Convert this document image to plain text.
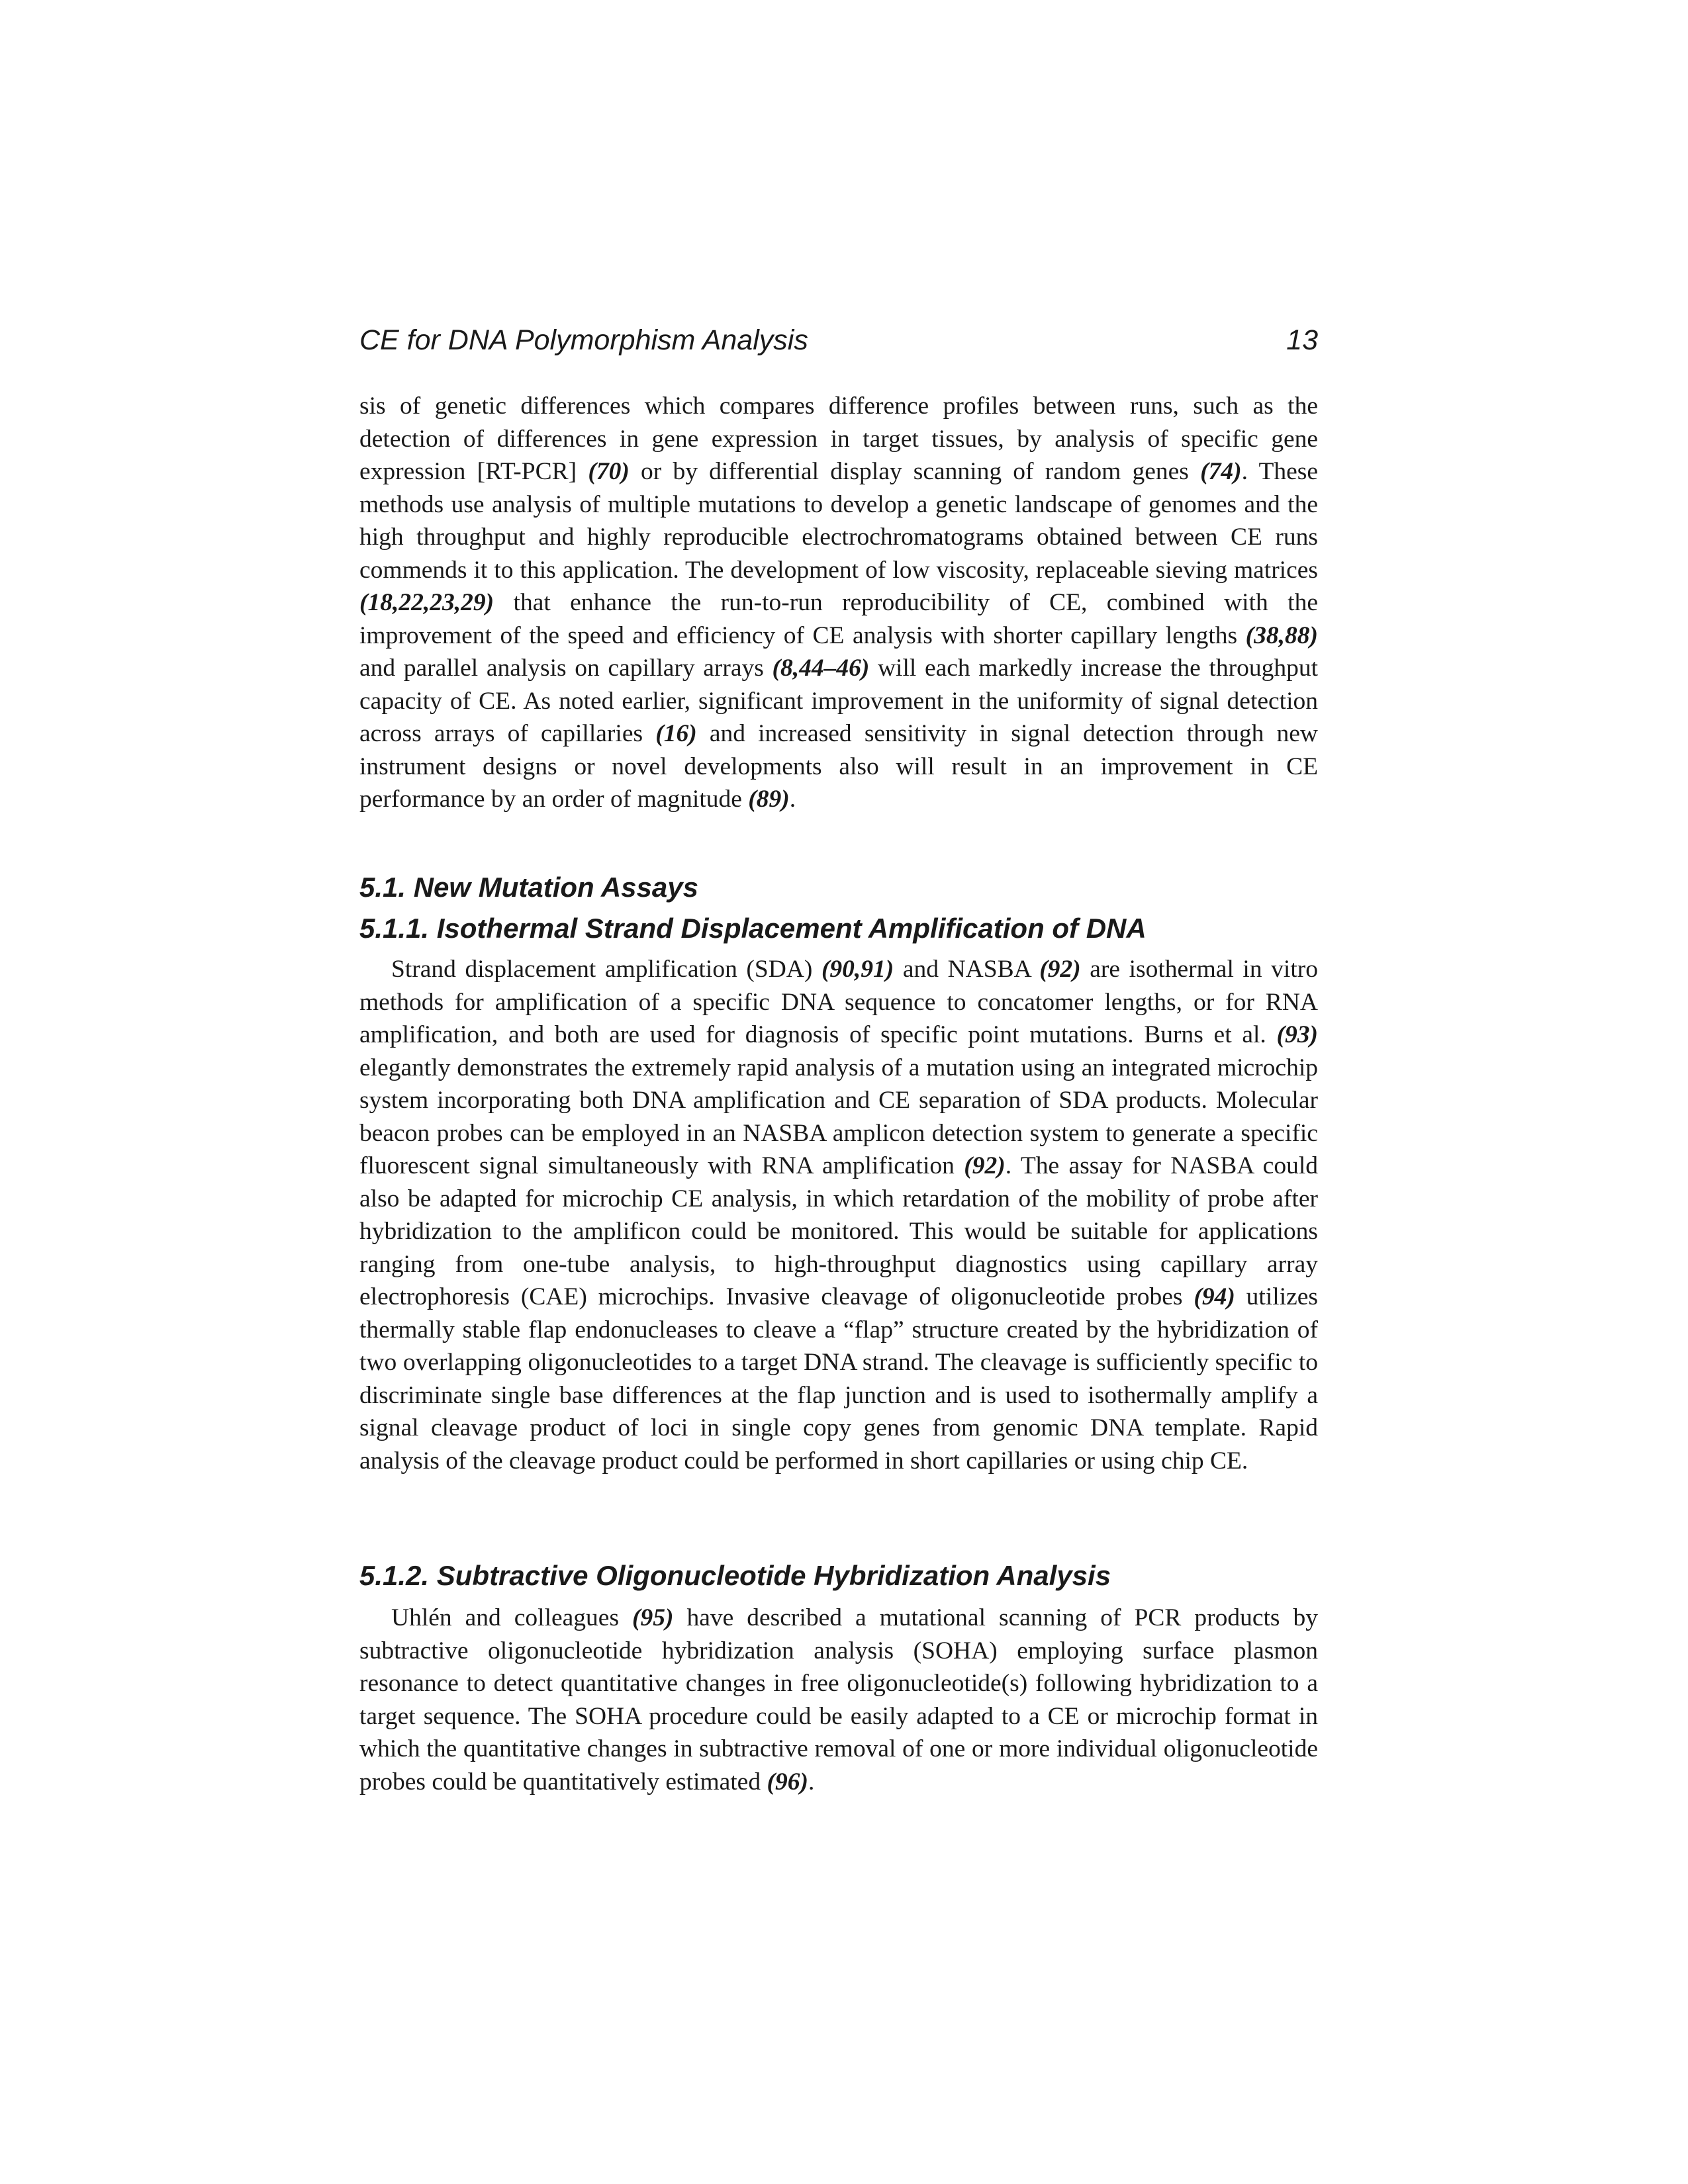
CE for DNA Polymorphism Analysis	13

sis of genetic differences which compares difference profiles between runs, such as the detection of differences in gene expression in target tissues, by analysis of specific gene expression [RT-PCR] (70) or by differential display scanning of random genes (74). These methods use analysis of multiple mutations to develop a genetic landscape of genomes and the high throughput and highly reproducible electrochromatograms obtained between CE runs commends it to this application. The development of low viscosity, replaceable sieving matrices (18,22,23,29) that enhance the run-to-run reproducibility of CE, combined with the improvement of the speed and efficiency of CE analysis with shorter capillary lengths (38,88) and parallel analysis on capillary arrays (8,44–46) will each markedly increase the throughput capacity of CE. As noted earlier, significant improvement in the uniformity of signal detection across arrays of capillaries (16) and increased sensitivity in signal detection through new instrument designs or novel developments also will result in an improvement in CE performance by an order of magnitude (89).

5.1. New Mutation Assays
5.1.1. Isothermal Strand Displacement Amplification of DNA

Strand displacement amplification (SDA) (90,91) and NASBA (92) are isothermal in vitro methods for amplification of a specific DNA sequence to concatomer lengths, or for RNA amplification, and both are used for diagnosis of specific point mutations. Burns et al. (93) elegantly demonstrates the extremely rapid analysis of a mutation using an integrated microchip system incorporating both DNA amplification and CE separation of SDA products. Molecular beacon probes can be employed in an NASBA amplicon detection system to generate a specific fluorescent signal simultaneously with RNA amplification (92). The assay for NASBA could also be adapted for microchip CE analysis, in which retardation of the mobility of probe after hybridization to the amplificon could be monitored. This would be suitable for applications ranging from one-tube analysis, to high-throughput diagnostics using capillary array electrophoresis (CAE) microchips. Invasive cleavage of oligonucleotide probes (94) utilizes thermally stable flap endonucleases to cleave a “flap” structure created by the hybridization of two overlapping oligonucleotides to a target DNA strand. The cleavage is sufficiently specific to discriminate single base differences at the flap junction and is used to isothermally amplify a signal cleavage product of loci in single copy genes from genomic DNA template. Rapid analysis of the cleavage product could be performed in short capillaries or using chip CE.

5.1.2. Subtractive Oligonucleotide Hybridization Analysis

Uhlén and colleagues (95) have described a mutational scanning of PCR products by subtractive oligonucleotide hybridization analysis (SOHA) employing surface plasmon resonance to detect quantitative changes in free oligonucleotide(s) following hybridization to a target sequence. The SOHA procedure could be easily adapted to a CE or microchip format in which the quantitative changes in subtractive removal of one or more individual oligonucleotide probes could be quantitatively estimated (96).
